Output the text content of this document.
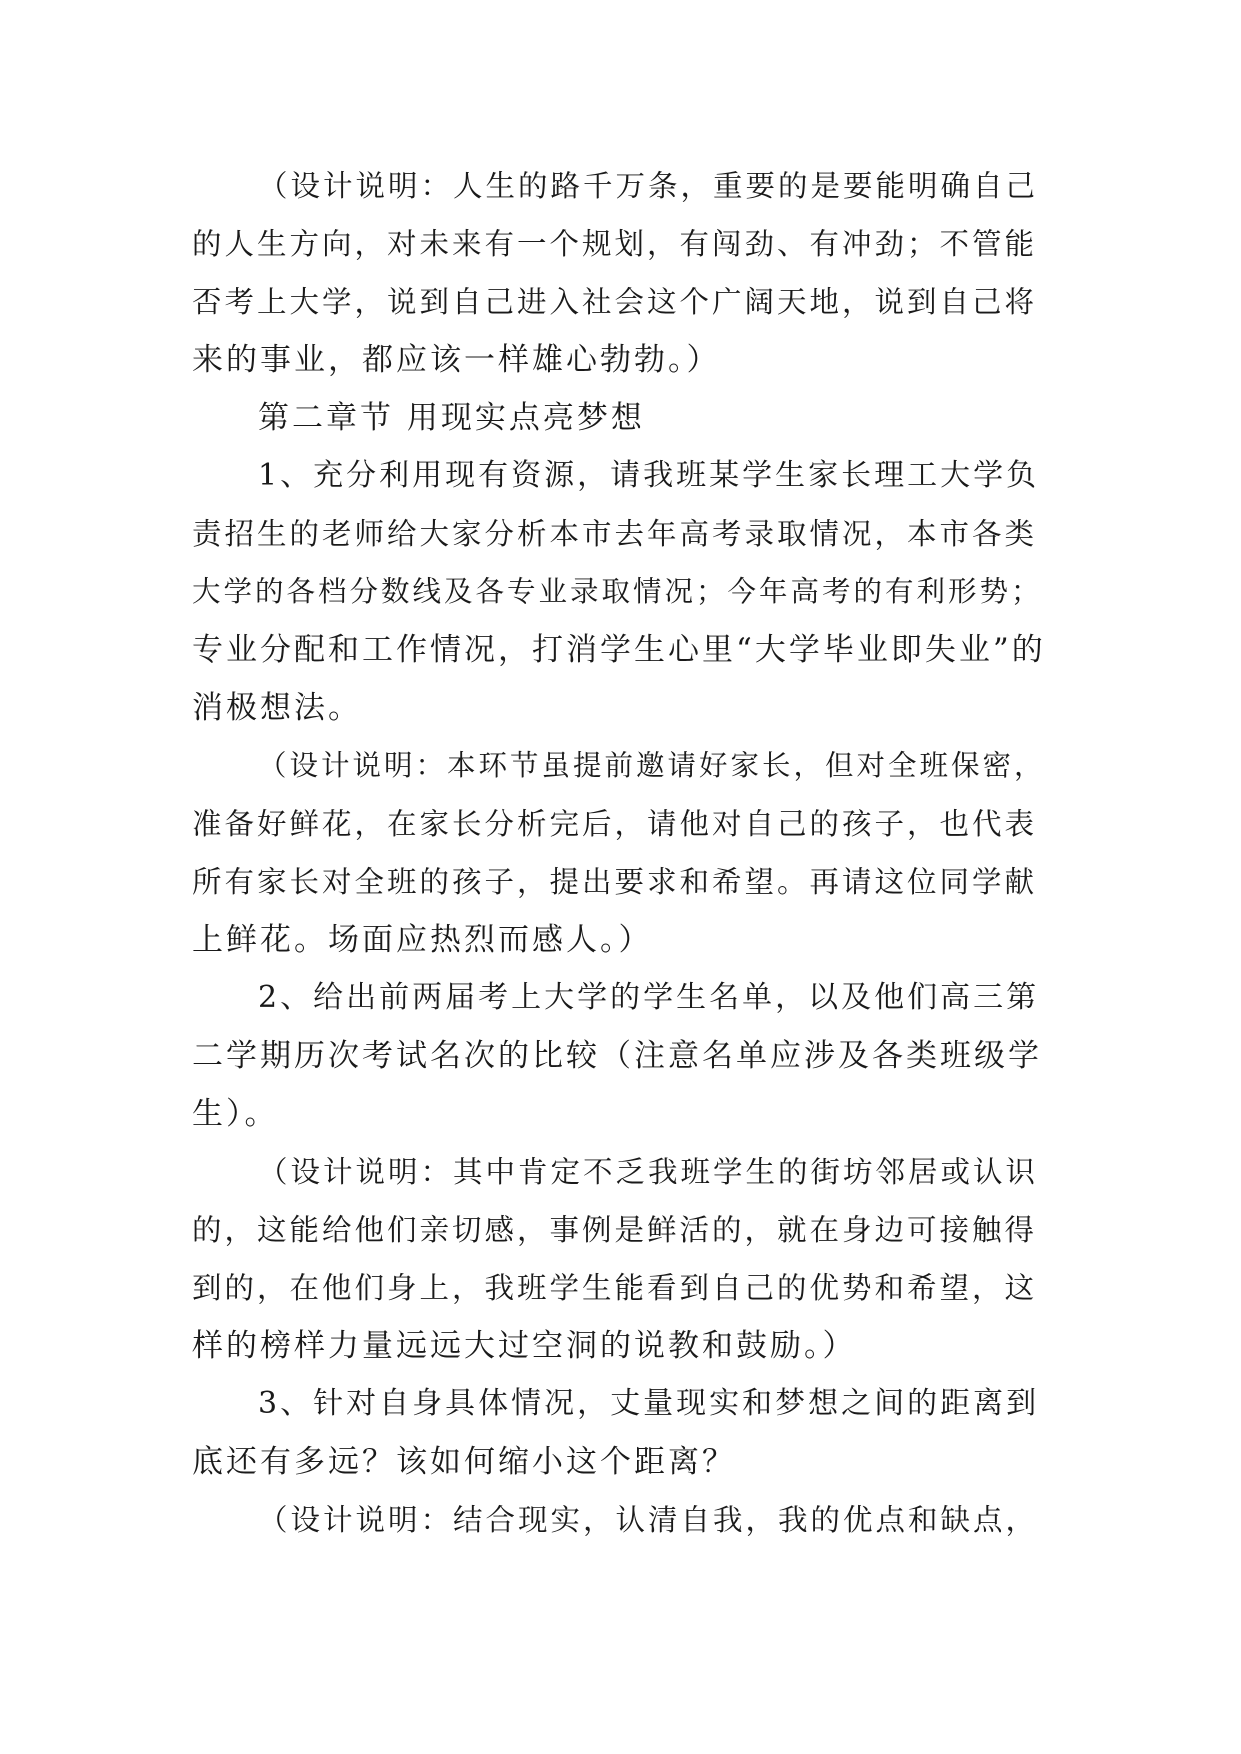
（设计说明：人生的路千万条，重要的是要能明确自己

的人生方向，对未来有一个规划，有闯劲、有冲劲；不管能

否考上大学，说到自己进入社会这个广阔天地，说到自己将

来的事业，都应该一样雄心勃勃。）

第二章节 用现实点亮梦想

1、充分利用现有资源，请我班某学生家长理工大学负

责招生的老师给大家分析本市去年高考录取情况，本市各类

大学的各档分数线及各专业录取情况；今年高考的有利形势；

专业分配和工作情况，打消学生心里“大学毕业即失业”的

消极想法。

（设计说明：本环节虽提前邀请好家长，但对全班保密，

准备好鲜花，在家长分析完后，请他对自己的孩子，也代表

所有家长对全班的孩子，提出要求和希望。再请这位同学献

上鲜花。场面应热烈而感人。）

2、给出前两届考上大学的学生名单，以及他们高三第

二学期历次考试名次的比较（注意名单应涉及各类班级学

生）。

（设计说明：其中肯定不乏我班学生的街坊邻居或认识

的，这能给他们亲切感，事例是鲜活的，就在身边可接触得

到的，在他们身上，我班学生能看到自己的优势和希望，这

样的榜样力量远远大过空洞的说教和鼓励。）

3、针对自身具体情况，丈量现实和梦想之间的距离到

底还有多远？该如何缩小这个距离？

（设计说明：结合现实，认清自我，我的优点和缺点，
